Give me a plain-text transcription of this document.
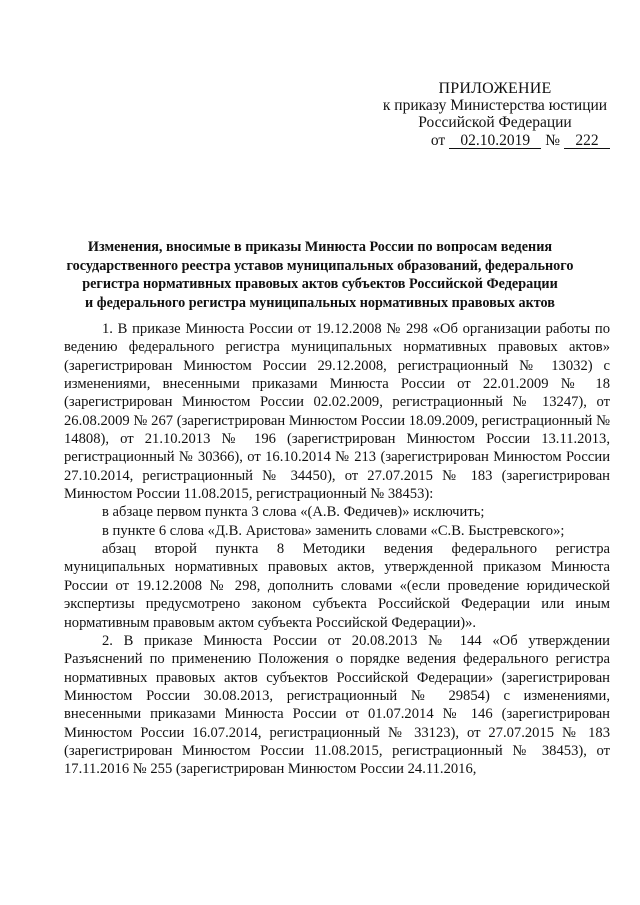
ПРИЛОЖЕНИЕ
к приказу Министерства юстиции
Российской Федерации
от 02.10.2019 № 222
Изменения, вносимые в приказы Минюста России по вопросам ведения
государственного реестра уставов муниципальных образований, федерального
регистра нормативных правовых актов субъектов Российской Федерации
и федерального регистра муниципальных нормативных правовых актов

1. В приказе Минюста России от 19.12.2008 № 298 «Об организации работы по ведению федерального регистра муниципальных нормативных правовых актов» (зарегистрирован Минюстом России 29.12.2008, регистрационный № 13032) с изменениями, внесенными приказами Минюста России от 22.01.2009 № 18 (зарегистрирован Минюстом России 02.02.2009, регистрационный № 13247), от 26.08.2009 № 267 (зарегистрирован Минюстом России 18.09.2009, регистрационный № 14808), от 21.10.2013 № 196 (зарегистрирован Минюстом России 13.11.2013, регистрационный № 30366), от 16.10.2014 № 213 (зарегистрирован Минюстом России 27.10.2014, регистрационный № 34450), от 27.07.2015 № 183 (зарегистрирован Минюстом России 11.08.2015, регистрационный № 38453):

в абзаце первом пункта 3 слова «(А.В. Федичев)» исключить;

в пункте 6 слова «Д.В. Аристова» заменить словами «С.В. Быстревского»;

абзац второй пункта 8 Методики ведения федерального регистра муниципальных нормативных правовых актов, утвержденной приказом Минюста России от 19.12.2008 № 298, дополнить словами «(если проведение юридической экспертизы предусмотрено законом субъекта Российской Федерации или иным нормативным правовым актом субъекта Российской Федерации)».

2. В приказе Минюста России от 20.08.2013 № 144 «Об утверждении Разъяснений по применению Положения о порядке ведения федерального регистра нормативных правовых актов субъектов Российской Федерации» (зарегистрирован Минюстом России 30.08.2013, регистрационный № 29854) с изменениями, внесенными приказами Минюста России от 01.07.2014 № 146 (зарегистрирован Минюстом России 16.07.2014, регистрационный № 33123), от 27.07.2015 № 183 (зарегистрирован Минюстом России 11.08.2015, регистрационный № 38453), от 17.11.2016 № 255 (зарегистрирован Минюстом России 24.11.2016,
